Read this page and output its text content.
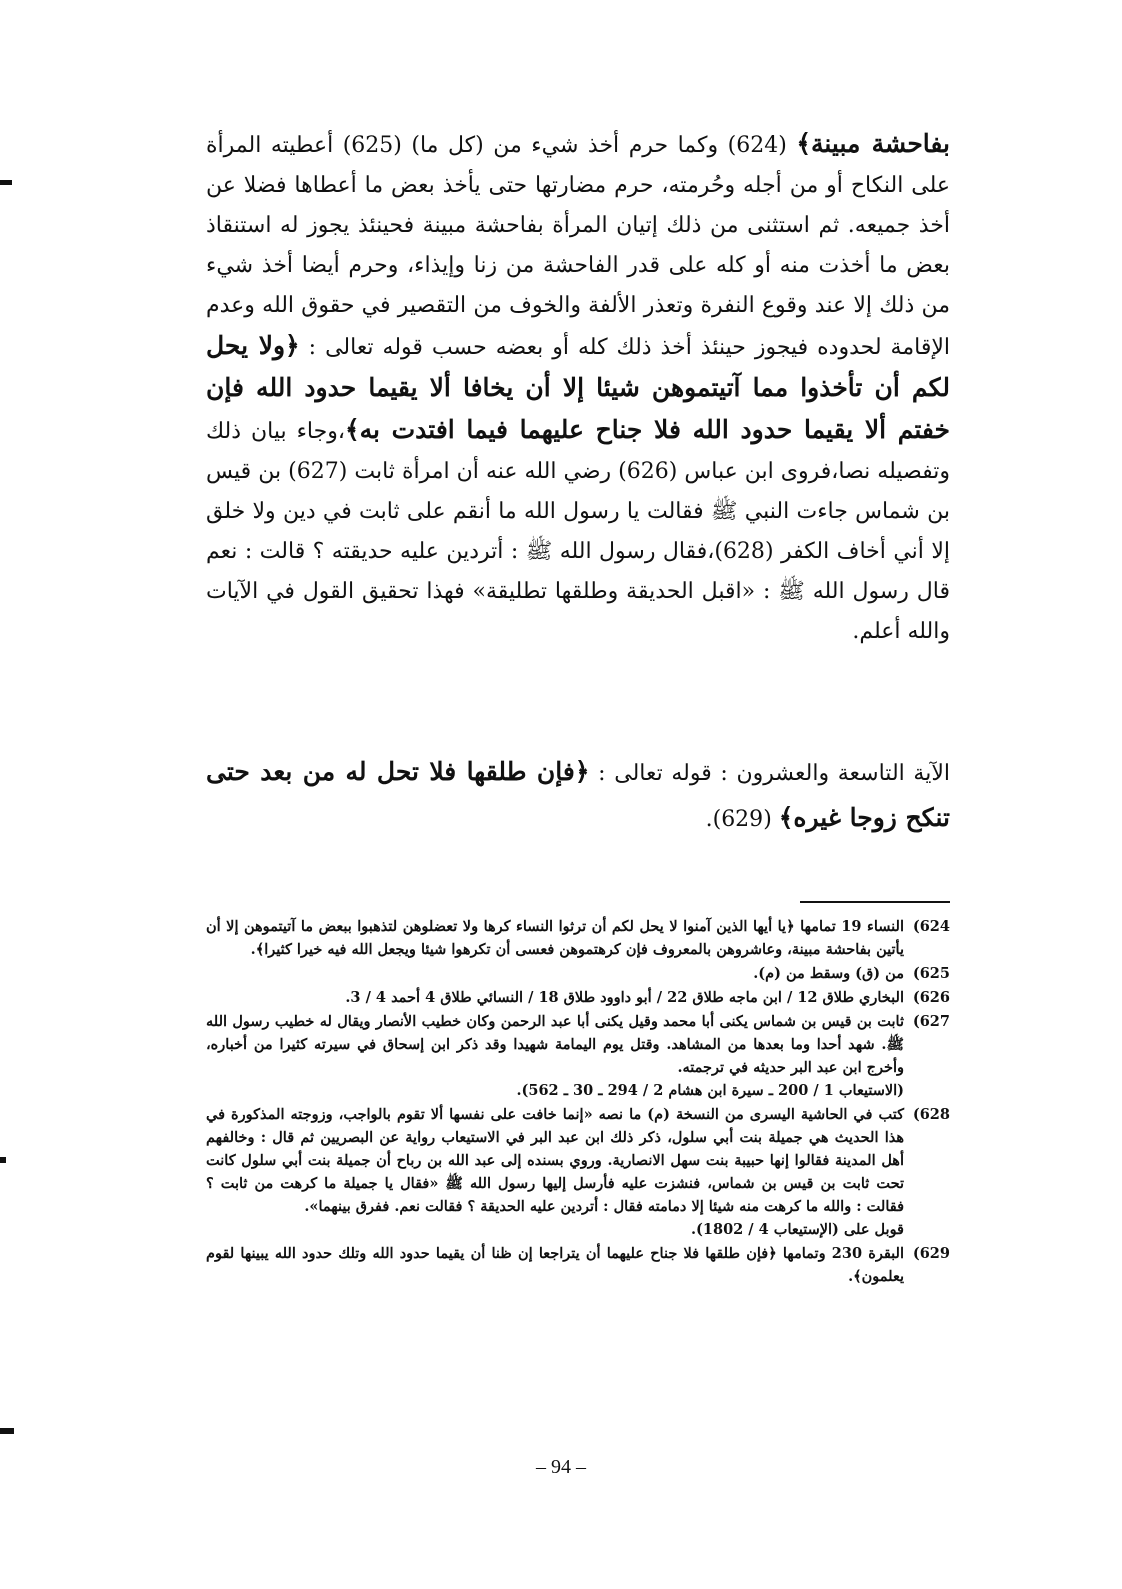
بفاحشة مبينة﴾ (624) وكما حرم أخذ شيء من (كل ما) (625) أعطيته المرأة على النكاح أو من أجله وحُرمته، حرم مضارتها حتى يأخذ بعض ما أعطاها فضلا عن أخذ جميعه. ثم استثنى من ذلك إتيان المرأة بفاحشة مبينة فحينئذ يجوز له استنقاذ بعض ما أخذت منه أو كله على قدر الفاحشة من زنا وإيذاء، وحرم أيضا أخذ شيء من ذلك إلا عند وقوع النفرة وتعذر الألفة والخوف من التقصير في حقوق الله وعدم الإقامة لحدوده فيجوز حينئذ أخذ ذلك كله أو بعضه حسب قوله تعالى : ﴿ولا يحل لكم أن تأخذوا مما آتيتموهن شيئا إلا أن يخافا ألا يقيما حدود الله فإن خفتم ألا يقيما حدود الله فلا جناح عليهما فيما افتدت به﴾،وجاء بيان ذلك وتفصيله نصا،فروى ابن عباس (626) رضي الله عنه أن امرأة ثابت (627) بن قيس بن شماس جاءت النبي ﷺ فقالت يا رسول الله ما أنقم على ثابت في دين ولا خلق إلا أني أخاف الكفر (628)،فقال رسول الله ﷺ : أتردين عليه حديقته ؟ قالت : نعم قال رسول الله ﷺ : «اقبل الحديقة وطلقها تطليقة» فهذا تحقيق القول في الآيات والله أعلم.

الآية التاسعة والعشرون : قوله تعالى : ﴿فإن طلقها فلا تحل له من بعد حتى تنكح زوجا غيره﴾ (629).
624)
النساء 19 تمامها ﴿يا أيها الذين آمنوا لا يحل لكم أن ترثوا النساء كرها ولا تعضلوهن لتذهبوا ببعض ما آتيتموهن إلا أن يأتين بفاحشة مبينة، وعاشروهن بالمعروف فإن كرهتموهن فعسى أن تكرهوا شيئا ويجعل الله فيه خيرا كثيرا﴾.
625)
من (ق) وسقط من (م).
626)
البخاري طلاق 12 / ابن ماجه طلاق 22 / أبو داوود طلاق 18 / النسائي طلاق 4 أحمد 4 / 3.
627)
ثابت بن قيس بن شماس يكنى أبا محمد وقيل يكنى أبا عبد الرحمن وكان خطيب الأنصار ويقال له خطيب رسول الله ﷺ. شهد أحدا وما بعدها من المشاهد. وقتل يوم اليمامة شهيدا وقد ذكر ابن إسحاق في سيرته كثيرا من أخباره، وأخرج ابن عبد البر حديثه في ترجمته.
(الاستيعاب 1 / 200 ـ سيرة ابن هشام 2 / 294 ـ 30 ـ 562).
628)
كتب في الحاشية اليسرى من النسخة (م) ما نصه «إنما خافت على نفسها ألا تقوم بالواجب، وزوجته المذكورة في هذا الحديث هي جميلة بنت أبي سلول، ذكر ذلك ابن عبد البر في الاستيعاب رواية عن البصريين ثم قال : وخالفهم أهل المدينة فقالوا إنها حبيبة بنت سهل الانصارية. وروي بسنده إلى عبد الله بن رباح أن جميلة بنت أبي سلول كانت تحت ثابت بن قيس بن شماس، فنشزت عليه فأرسل إليها رسول الله ﷺ «فقال يا جميلة ما كرهت من ثابت ؟ فقالت : والله ما كرهت منه شيئا إلا دمامته فقال : أتردين عليه الحديقة ؟ فقالت نعم. ففرق بينهما».
قوبل على (الإستيعاب 4 / 1802).
629)
البقرة 230 وتمامها ﴿فإن طلقها فلا جناح عليهما أن يتراجعا إن ظنا أن يقيما حدود الله وتلك حدود الله يبينها لقوم يعلمون﴾.
– 94 –
